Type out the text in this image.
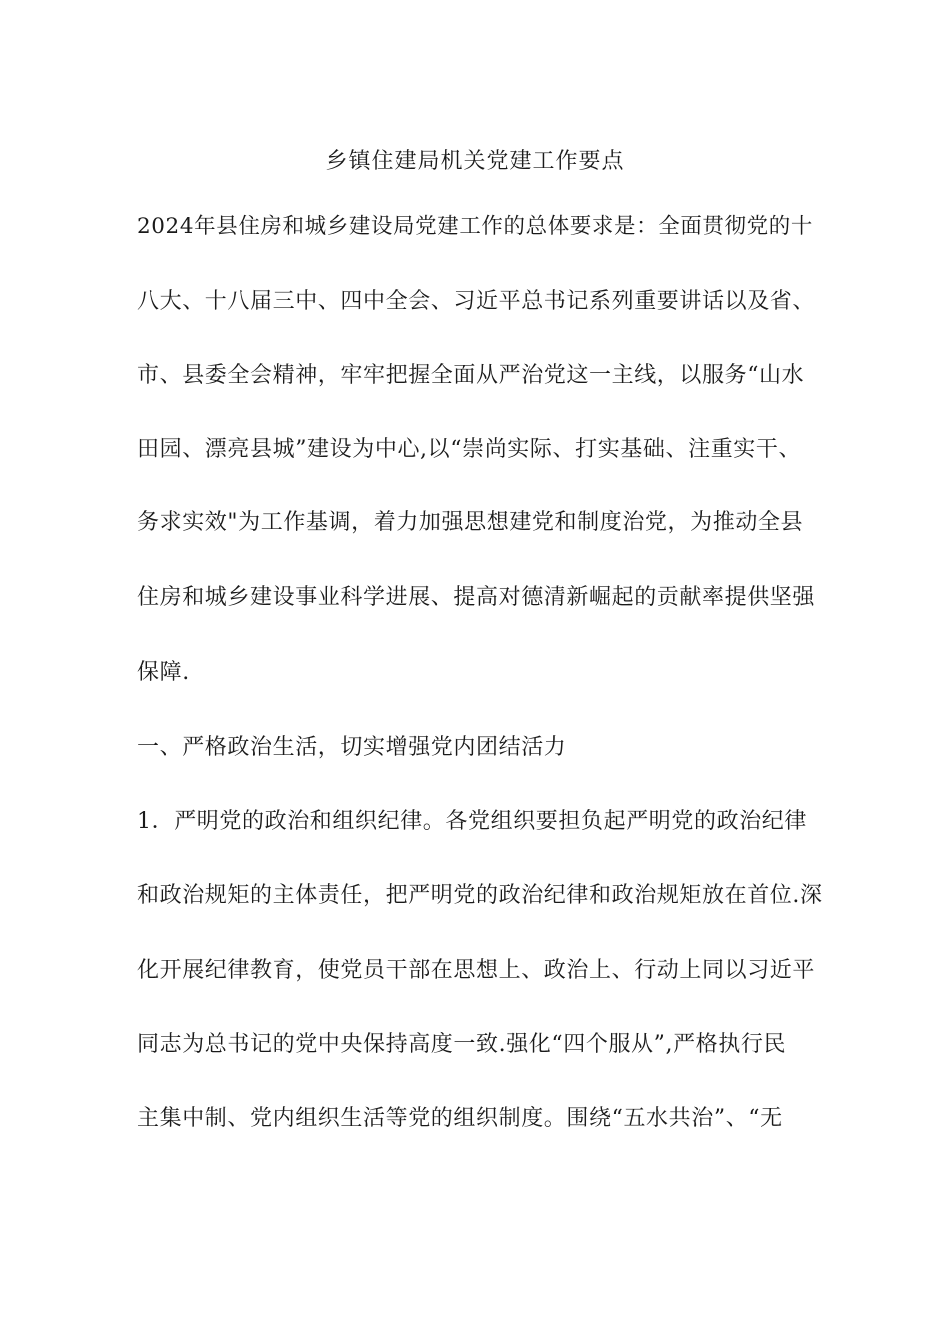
乡镇住建局机关党建工作要点

2024年县住房和城乡建设局党建工作的总体要求是：全面贯彻党的十

八大、十八届三中、四中全会、习近平总书记系列重要讲话以及省、

市、县委全会精神，牢牢把握全面从严治党这一主线，以服务“山水

田园、漂亮县城”建设为中心,以“崇尚实际、打实基础、注重实干、

务求实效"为工作基调，着力加强思想建党和制度治党，为推动全县

住房和城乡建设事业科学进展、提高对德清新崛起的贡献率提供坚强

保障.

一、严格政治生活，切实增强党内团结活力

1．严明党的政治和组织纪律。各党组织要担负起严明党的政治纪律

和政治规矩的主体责任，把严明党的政治纪律和政治规矩放在首位.深

化开展纪律教育，使党员干部在思想上、政治上、行动上同以习近平

同志为总书记的党中央保持高度一致.强化“四个服从”,严格执行民

主集中制、党内组织生活等党的组织制度。围绕“五水共治”、“无
